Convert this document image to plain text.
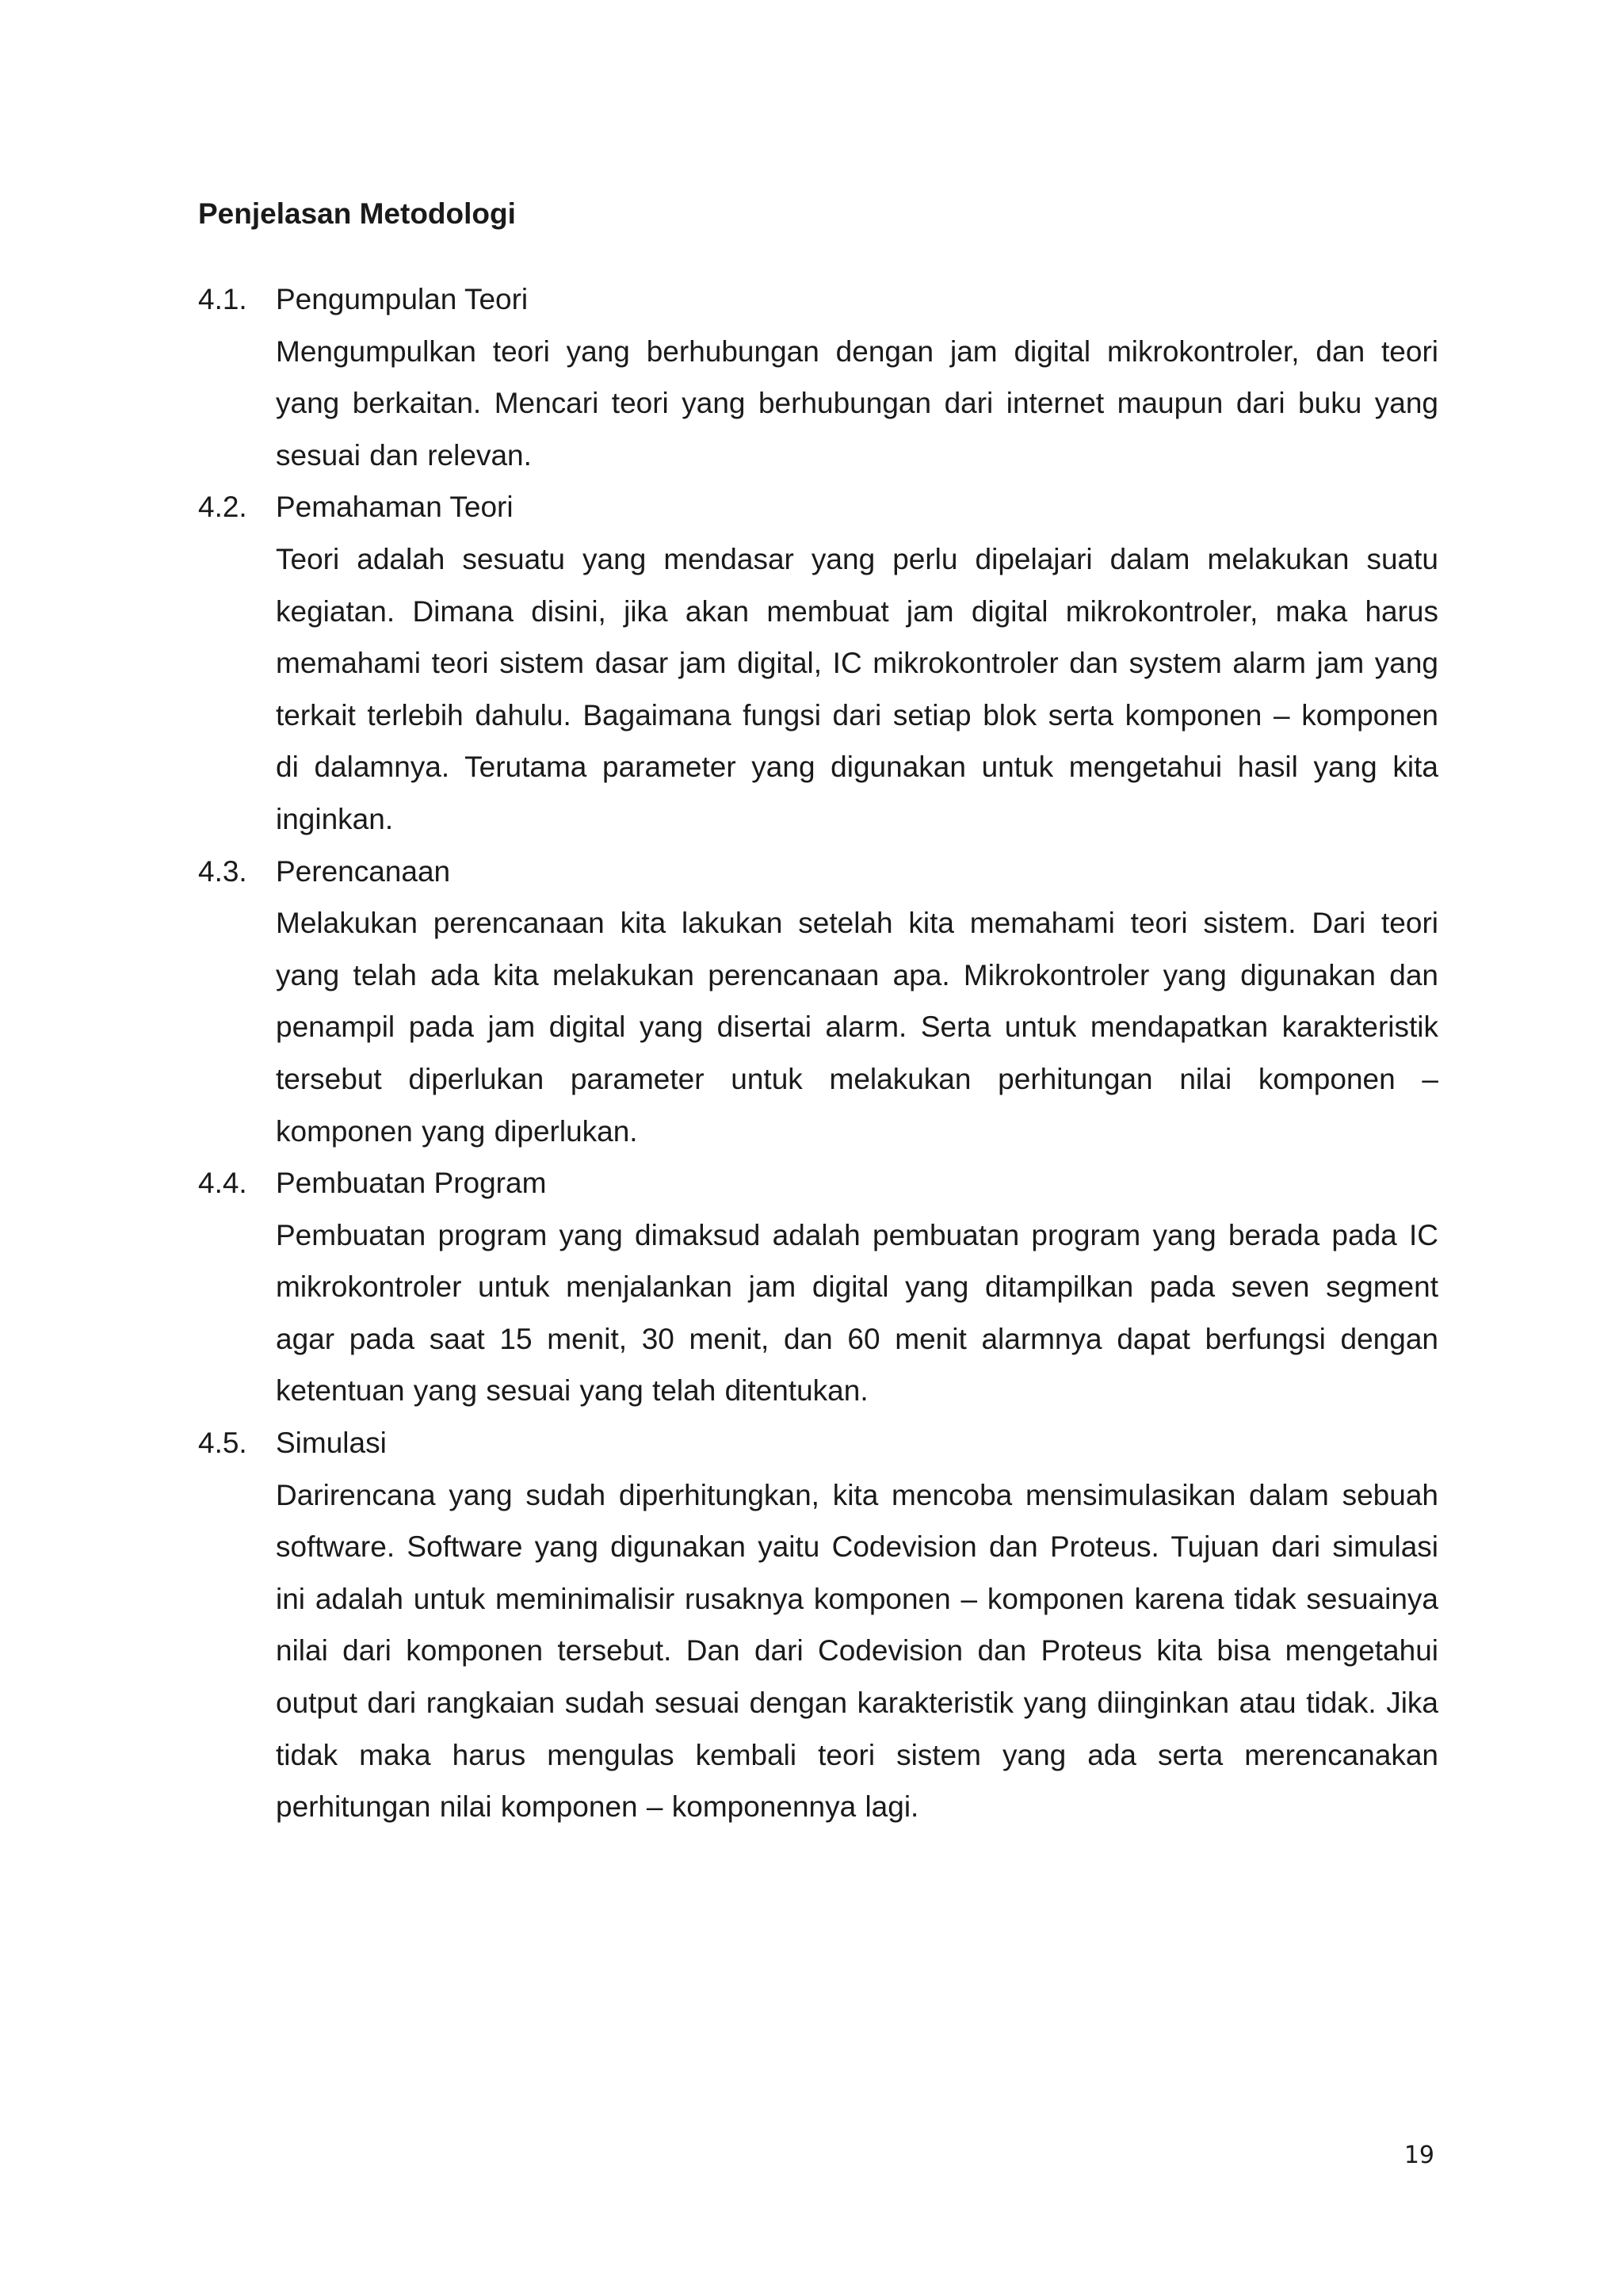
Penjelasan Metodologi
4.1. Pengumpulan Teori

Mengumpulkan teori yang berhubungan dengan jam digital mikrokontroler, dan teori yang berkaitan. Mencari teori yang berhubungan dari internet maupun dari buku yang sesuai dan relevan.

4.2. Pemahaman Teori

Teori adalah sesuatu yang mendasar yang perlu dipelajari dalam melakukan suatu kegiatan. Dimana disini, jika akan membuat jam digital mikrokontroler, maka harus memahami teori sistem dasar jam digital, IC mikrokontroler dan system alarm jam yang terkait terlebih dahulu. Bagaimana fungsi dari setiap blok serta komponen – komponen di dalamnya. Terutama parameter yang digunakan untuk mengetahui hasil yang kita inginkan.

4.3. Perencanaan

Melakukan perencanaan kita lakukan setelah kita memahami teori sistem. Dari teori yang telah ada kita melakukan perencanaan apa. Mikrokontroler yang digunakan dan penampil pada jam digital yang disertai alarm. Serta untuk mendapatkan karakteristik tersebut diperlukan parameter untuk melakukan perhitungan nilai komponen – komponen yang diperlukan.

4.4. Pembuatan Program

Pembuatan program yang dimaksud adalah pembuatan program yang berada pada IC mikrokontroler untuk menjalankan jam digital yang ditampilkan pada seven segment agar pada saat 15 menit, 30 menit, dan 60 menit alarmnya dapat berfungsi dengan ketentuan yang sesuai yang telah ditentukan.

4.5. Simulasi

Darirencana yang sudah diperhitungkan, kita mencoba mensimulasikan dalam sebuah software. Software yang digunakan yaitu Codevision dan Proteus. Tujuan dari simulasi ini adalah untuk meminimalisir rusaknya komponen – komponen karena tidak sesuainya nilai dari komponen tersebut. Dan dari Codevision dan Proteus kita bisa mengetahui output dari rangkaian sudah sesuai dengan karakteristik yang diinginkan atau tidak. Jika tidak maka harus mengulas kembali teori sistem yang ada serta merencanakan perhitungan nilai komponen – komponennya lagi.

19
